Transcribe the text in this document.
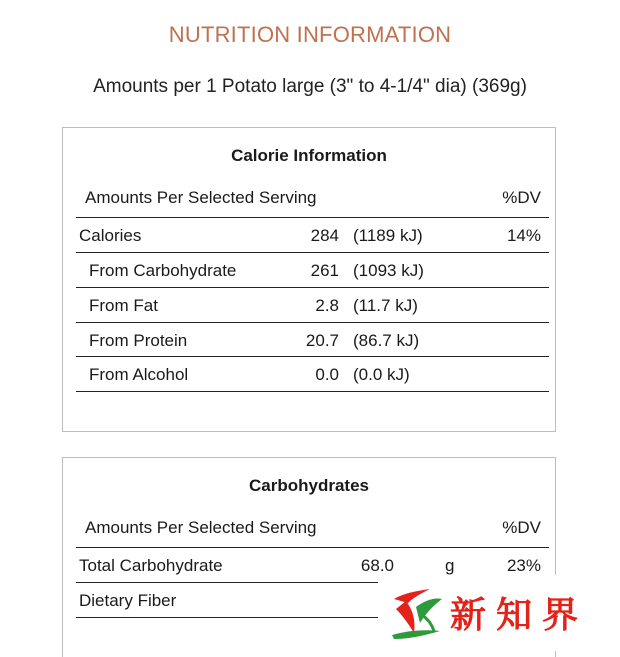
NUTRITION INFORMATION
Amounts per 1 Potato large (3" to 4-1/4" dia) (369g)
Calorie Information
Amounts Per Selected Serving	%DV
Calories	284 (1189 kJ)	14%
From Carbohydrate	261 (1093 kJ)
From Fat	2.8 (11.7 kJ)
From Protein	20.7 (86.7 kJ)
From Alcohol	0.0 (0.0 kJ)
Carbohydrates
Amounts Per Selected Serving	%DV
Total Carbohydrate	68.0	g	23%
Dietary Fiber	新知界
